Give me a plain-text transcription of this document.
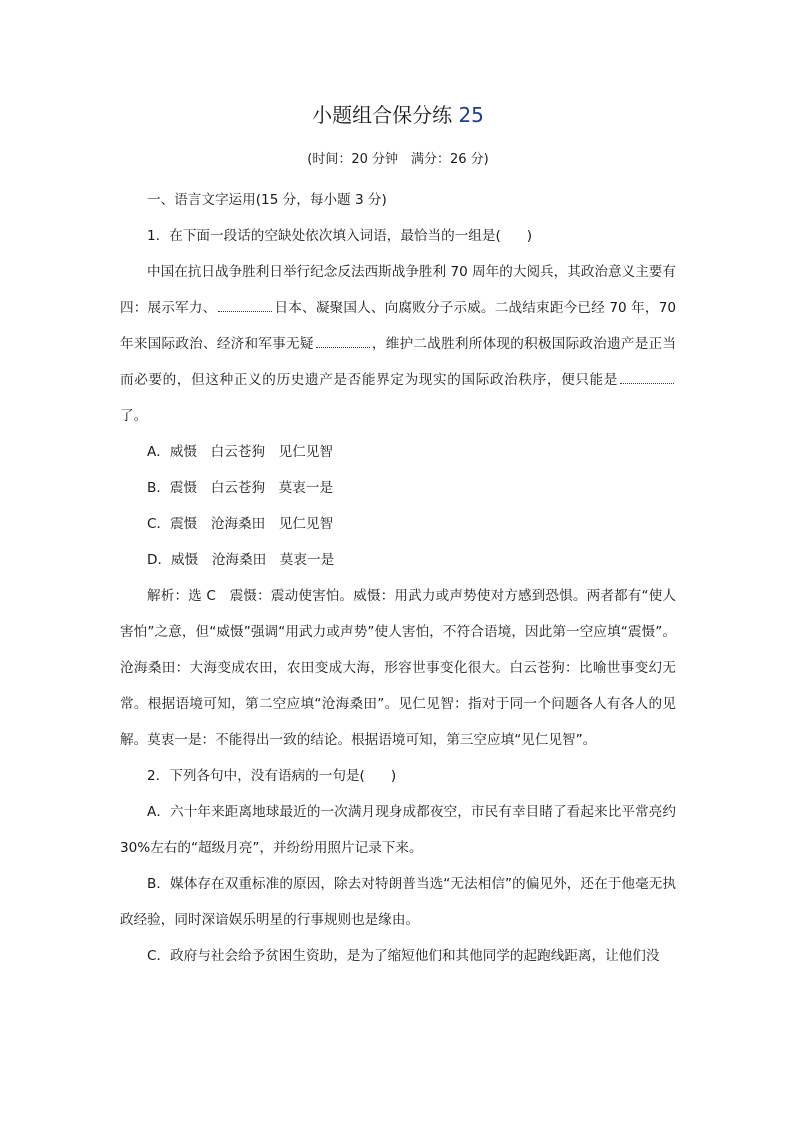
小题组合保分练 25
(时间：20 分钟　满分：26 分)

一、语言文字运用(15 分，每小题 3 分)

1．在下面一段话的空缺处依次填入词语，最恰当的一组是( )

中国在抗日战争胜利日举行纪念反法西斯战争胜利 70 周年的大阅兵，其政治意义主要有四：展示军力、	日本、凝聚国人、向腐败分子示威。二战结束距今已经 70 年，70 年来国际政治、经济和军事无疑	，维护二战胜利所体现的积极国际政治遗产是正当而必要的，但这种正义的历史遗产是否能界定为现实的国际政治秩序，便只能是了。

A．威慑　白云苍狗　见仁见智

B．震慑　白云苍狗　莫衷一是

C．震慑　沧海桑田　见仁见智

D．威慑　沧海桑田　莫衷一是

解析：选 C　震慑：震动使害怕。威慑：用武力或声势使对方感到恐惧。两者都有“使人害怕”之意，但“威慑”强调“用武力或声势”使人害怕，不符合语境，因此第一空应填“震慑”。沧海桑田：大海变成农田，农田变成大海，形容世事变化很大。白云苍狗：比喻世事变幻无常。根据语境可知，第二空应填“沧海桑田”。见仁见智：指对于同一个问题各人有各人的见解。莫衷一是：不能得出一致的结论。根据语境可知，第三空应填“见仁见智”。

2．下列各句中，没有语病的一句是( )

A．六十年来距离地球最近的一次满月现身成都夜空，市民有幸目睹了看起来比平常亮约 30%左右的“超级月亮”，并纷纷用照片记录下来。

B．媒体存在双重标准的原因，除去对特朗普当选“无法相信”的偏见外，还在于他毫无执政经验，同时深谙娱乐明星的行事规则也是缘由。

C．政府与社会给予贫困生资助，是为了缩短他们和其他同学的起跑线距离，让他们没
